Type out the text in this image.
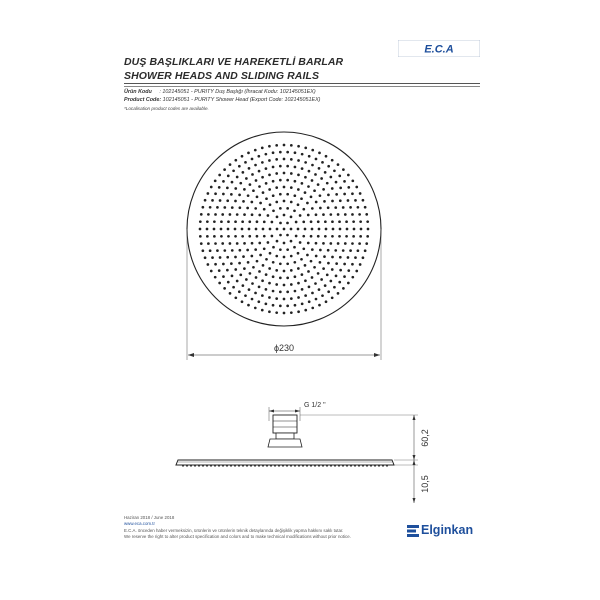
DUŞ BAŞLIKLARI VE HAREKETLİ BARLAR
SHOWER HEADS AND SLIDING RAILS
E.C.A
Ürün Kodu : 102145051 - PURITY Duş Başlığı (İhracat Kodu: 102145051EX)
Product Code: 102145051 - PURITY Shower Head (Export Code: 102145051EX)
*Localisation product codes are available.
ϕ230
G 1/2 "
60,2
10,5
Haziran 2018 / June 2018
www.eca.com.tr
E.C.A. önceden haber vermeksizin, ürünlerin ve ürünlerin teknik detaylarında değişiklik yapma hakkını saklı tutar.
We reserve the right to alter product specification and colors and to make technical modifications without prior notice.	Elginkan
